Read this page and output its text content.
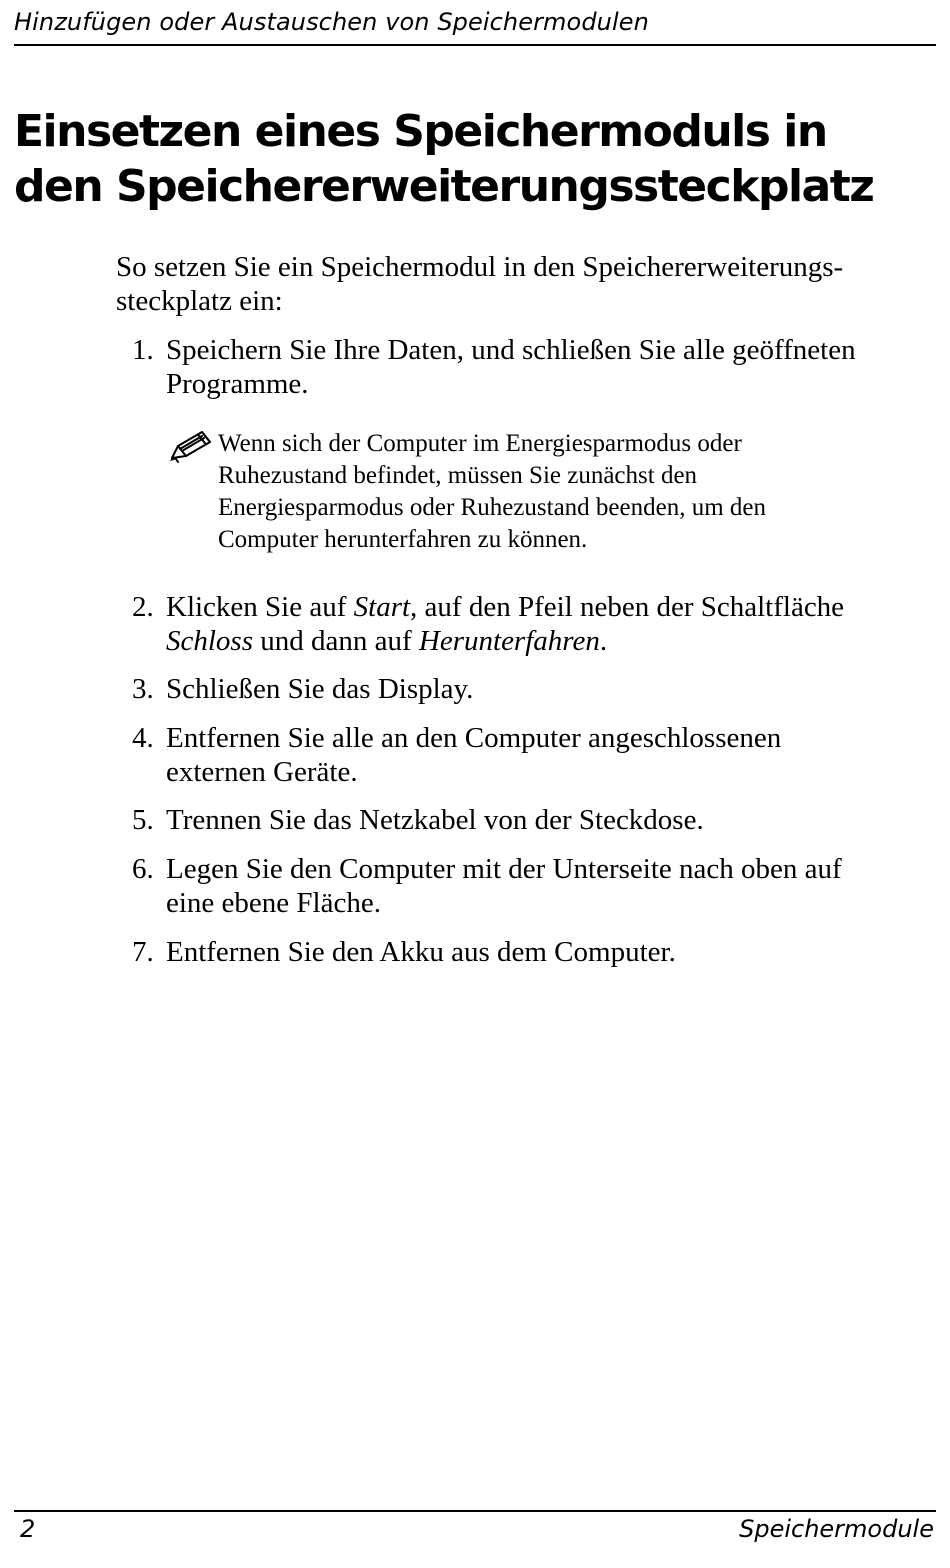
Hinzufügen oder Austauschen von Speichermodulen
Einsetzen eines Speichermoduls in
den Speichererweiterungssteckplatz
So setzen Sie ein Speichermodul in den Speichererweiterungs-
steckplatz ein:
1. Speichern Sie Ihre Daten, und schließen Sie alle geöffneten
Programme.
Wenn sich der Computer im Energiesparmodus oder
Ruhezustand befindet, müssen Sie zunächst den
Energiesparmodus oder Ruhezustand beenden, um den
Computer herunterfahren zu können.
2. Klicken Sie auf Start, auf den Pfeil neben der Schaltfläche
Schloss und dann auf Herunterfahren.
3. Schließen Sie das Display.
4. Entfernen Sie alle an den Computer angeschlossenen
externen Geräte.
5. Trennen Sie das Netzkabel von der Steckdose.
6. Legen Sie den Computer mit der Unterseite nach oben auf
eine ebene Fläche.
7. Entfernen Sie den Akku aus dem Computer.
2	Speichermodule
